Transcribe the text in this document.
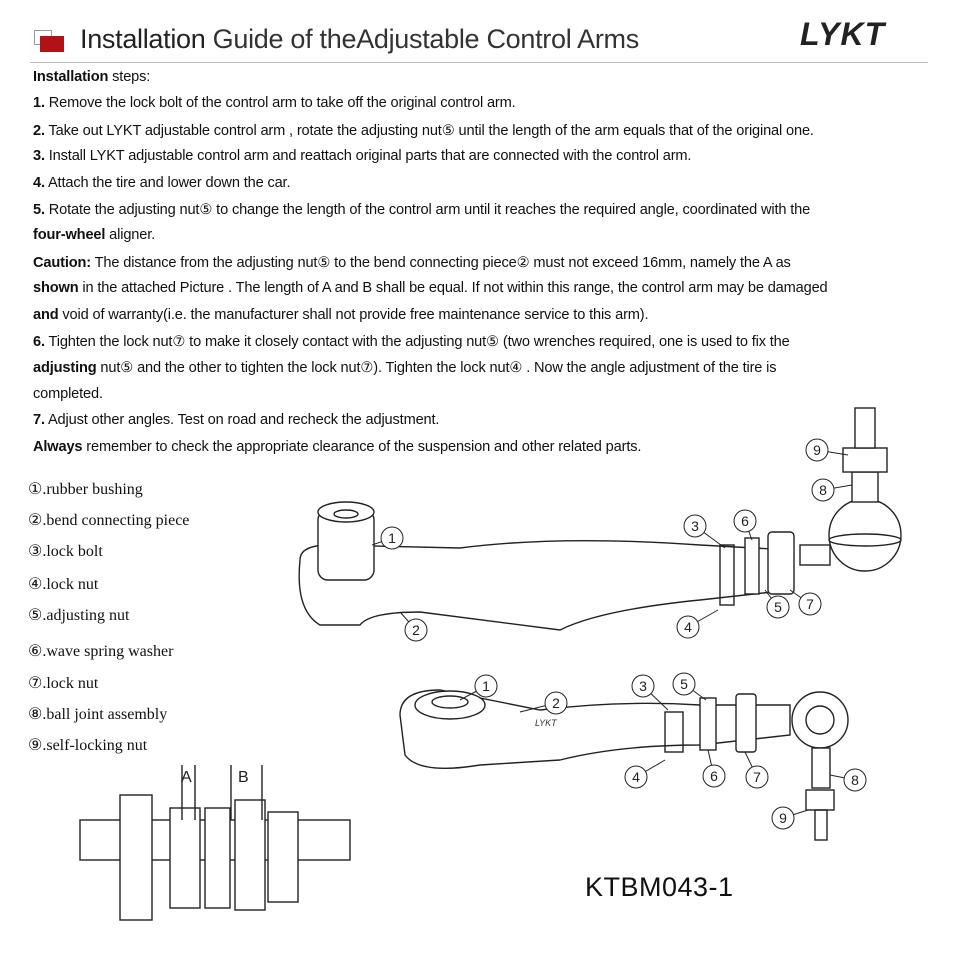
Installation Guide of theAdjustable Control Arms	LYKT
Installation steps:
1. Remove the lock bolt of the control arm to take off the original control arm.
2. Take out LYKT adjustable control arm , rotate the adjusting nut⑤ until the length of the arm equals that of the original one.
3. Install LYKT adjustable control arm and reattach original parts that are connected with the control arm.
4. Attach the tire and lower down the car.
5. Rotate the adjusting nut⑤ to change the length of the control arm until it reaches the required angle, coordinated with the
four-wheel aligner.
Caution: The distance from the adjusting nut⑤ to the bend connecting piece② must not exceed 16mm, namely the A as
shown in the attached Picture . The length of A and B shall be equal. If not within this range, the control arm may be damaged
and void of warranty(i.e. the manufacturer shall not provide free maintenance service to this arm).
6. Tighten the lock nut⑦ to make it closely contact with the adjusting nut⑤ (two wrenches required, one is used to fix the
adjusting nut⑤ and the other to tighten the lock nut⑦). Tighten the lock nut④ . Now the angle adjustment of the tire is
completed.
7. Adjust other angles. Test on road and recheck the adjustment.
Always remember to check the appropriate clearance of the suspension and other related parts.
①.rubber bushing
②.bend connecting piece
③.lock bolt
④.lock nut
⑤.adjusting nut
⑥.wave spring washer
⑦.lock nut
⑧.ball joint assembly
⑨.self-locking nut
LYKT
A	B
1
2
3	6
4
5 7
8
9
1
2
3 5
4	6	7	8
9
KTBM043-1
